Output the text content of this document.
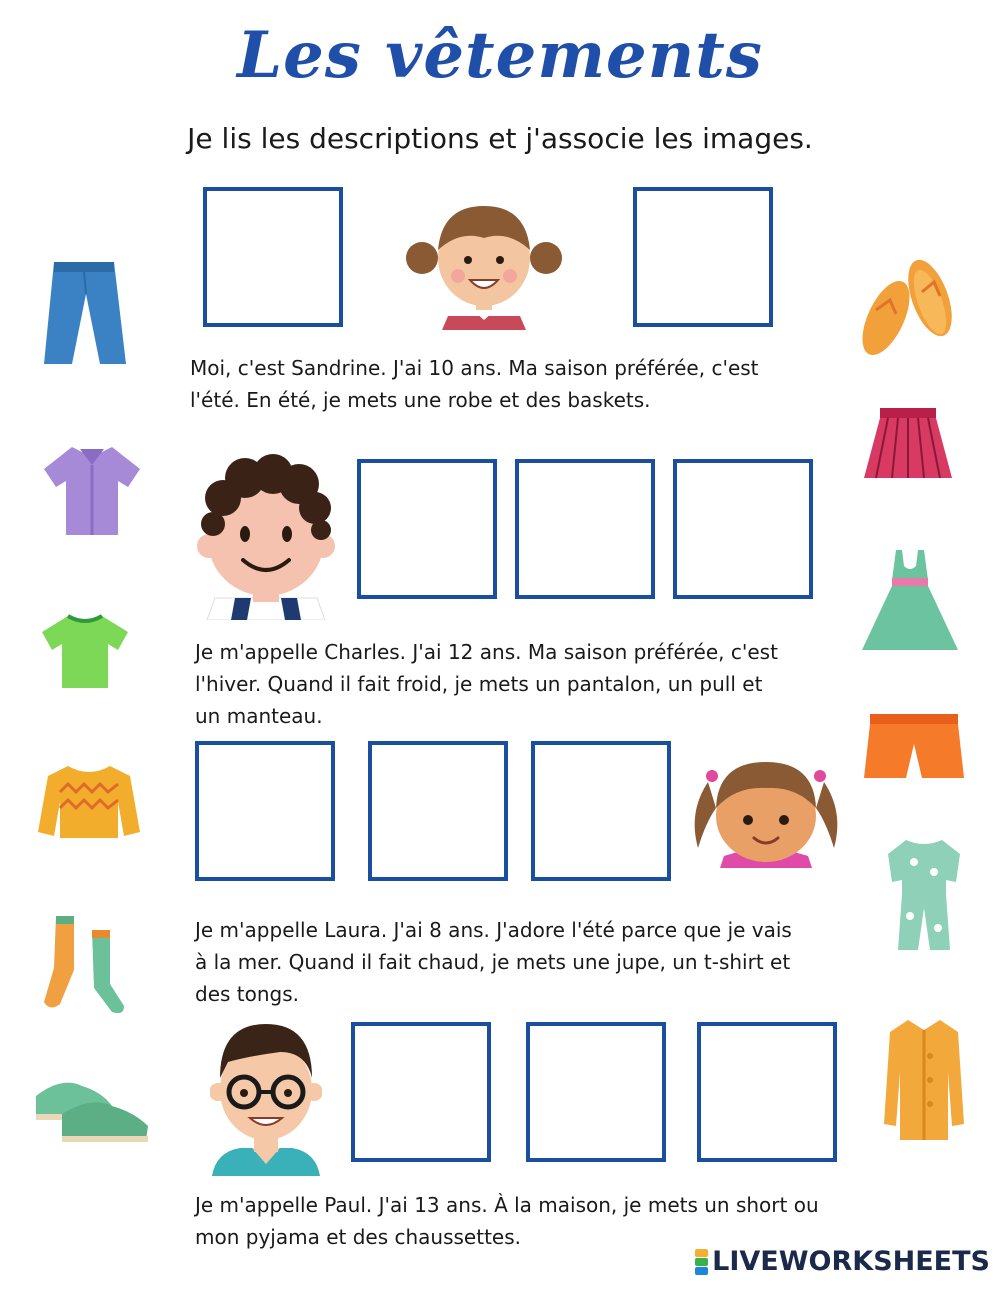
Les vêtements
Je lis les descriptions et j'associe les images.
Moi, c'est Sandrine. J'ai 10 ans. Ma saison préférée, c'est
l'été. En été, je mets une robe et des baskets.
Je m'appelle Charles. J'ai 12 ans. Ma saison préférée, c'est
l'hiver. Quand il fait froid, je mets un pantalon, un pull et
un manteau.
Je m'appelle Laura. J'ai 8 ans. J'adore l'été parce que je vais
à la mer. Quand il fait chaud, je mets une jupe, un t-shirt et
des tongs.
Je m'appelle Paul. J'ai 13 ans. À la maison, je mets un short ou
mon pyjama et des chaussettes.
LIVEWORKSHEETS
